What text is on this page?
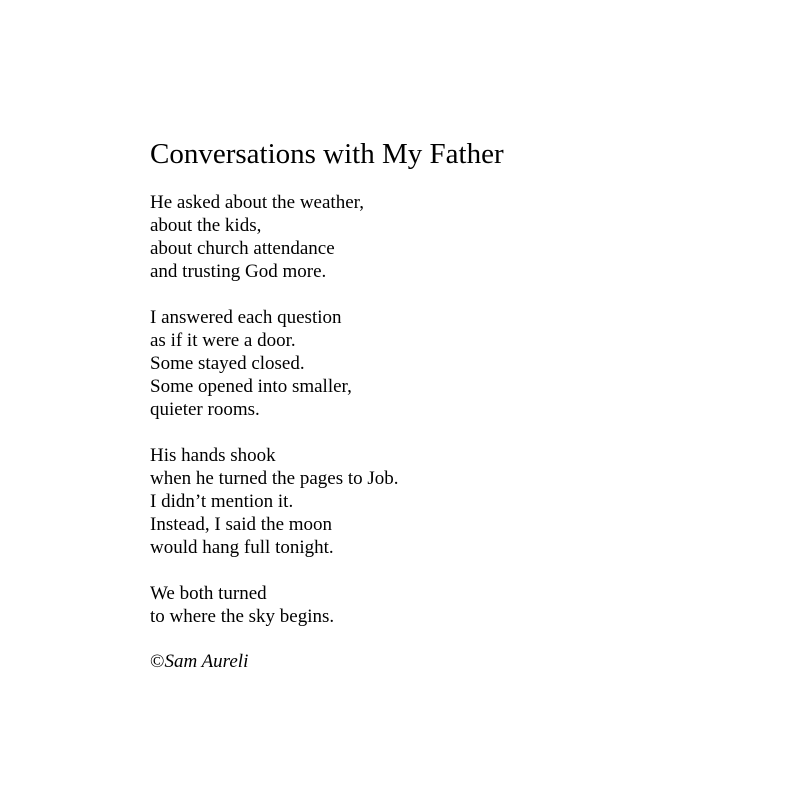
Conversations with My Father

He asked about the weather,
about the kids,
about church attendance
and trusting God more.

I answered each question
as if it were a door.
Some stayed closed.
Some opened into smaller,
quieter rooms.

His hands shook
when he turned the pages to Job.
I didn’t mention it.
Instead, I said the moon
would hang full tonight.

We both turned
to where the sky begins.

©Sam Aureli
